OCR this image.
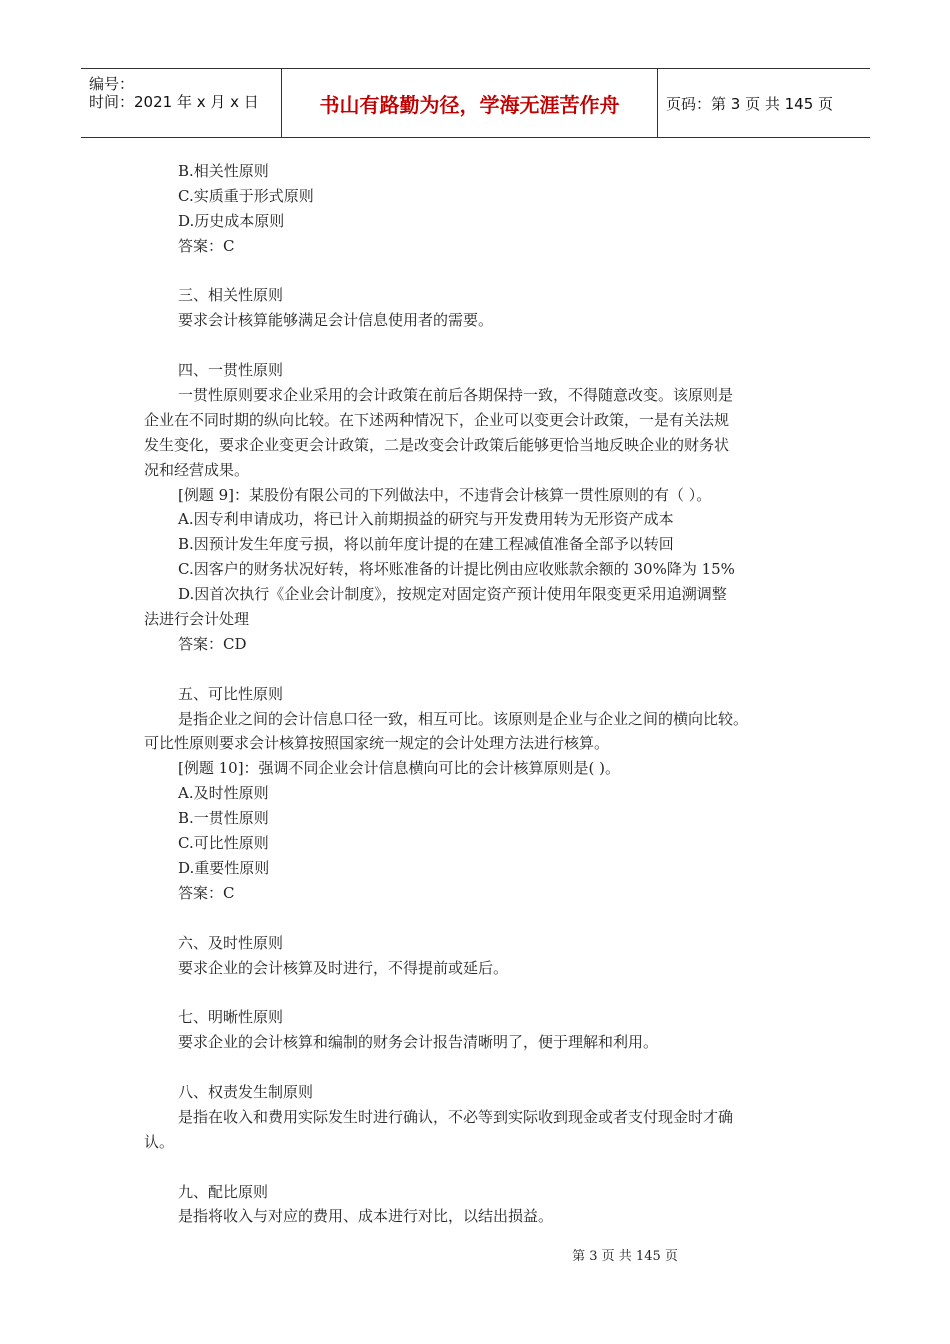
编号：
时间：2021 年 x 月 x 日	书山有路勤为径，学海无涯苦作舟	页码：第 3 页 共 145 页
B.相关性原则
C.实质重于形式原则
D.历史成本原则
答案：C
三、相关性原则
要求会计核算能够满足会计信息使用者的需要。
四、一贯性原则
一贯性原则要求企业采用的会计政策在前后各期保持一致，不得随意改变。该原则是
企业在不同时期的纵向比较。在下述两种情况下，企业可以变更会计政策，一是有关法规
发生变化，要求企业变更会计政策，二是改变会计政策后能够更恰当地反映企业的财务状
况和经营成果。
[例题 9]：某股份有限公司的下列做法中，不违背会计核算一贯性原则的有（ ）。
A.因专利申请成功，将已计入前期损益的研究与开发费用转为无形资产成本
B.因预计发生年度亏损，将以前年度计提的在建工程减值准备全部予以转回
C.因客户的财务状况好转，将坏账准备的计提比例由应收账款余额的 30%降为 15%
D.因首次执行《企业会计制度》，按规定对固定资产预计使用年限变更采用追溯调整
法进行会计处理
答案：CD
五、可比性原则
是指企业之间的会计信息口径一致，相互可比。该原则是企业与企业之间的横向比较。
可比性原则要求会计核算按照国家统一规定的会计处理方法进行核算。
[例题 10]：强调不同企业会计信息横向可比的会计核算原则是( )。
A.及时性原则
B.一贯性原则
C.可比性原则
D.重要性原则
答案：C
六、及时性原则
要求企业的会计核算及时进行，不得提前或延后。
七、明晰性原则
要求企业的会计核算和编制的财务会计报告清晰明了，便于理解和利用。
八、权责发生制原则
是指在收入和费用实际发生时进行确认，不必等到实际收到现金或者支付现金时才确
认。
九、配比原则
是指将收入与对应的费用、成本进行对比，以结出损益。
第 3 页 共 145 页
